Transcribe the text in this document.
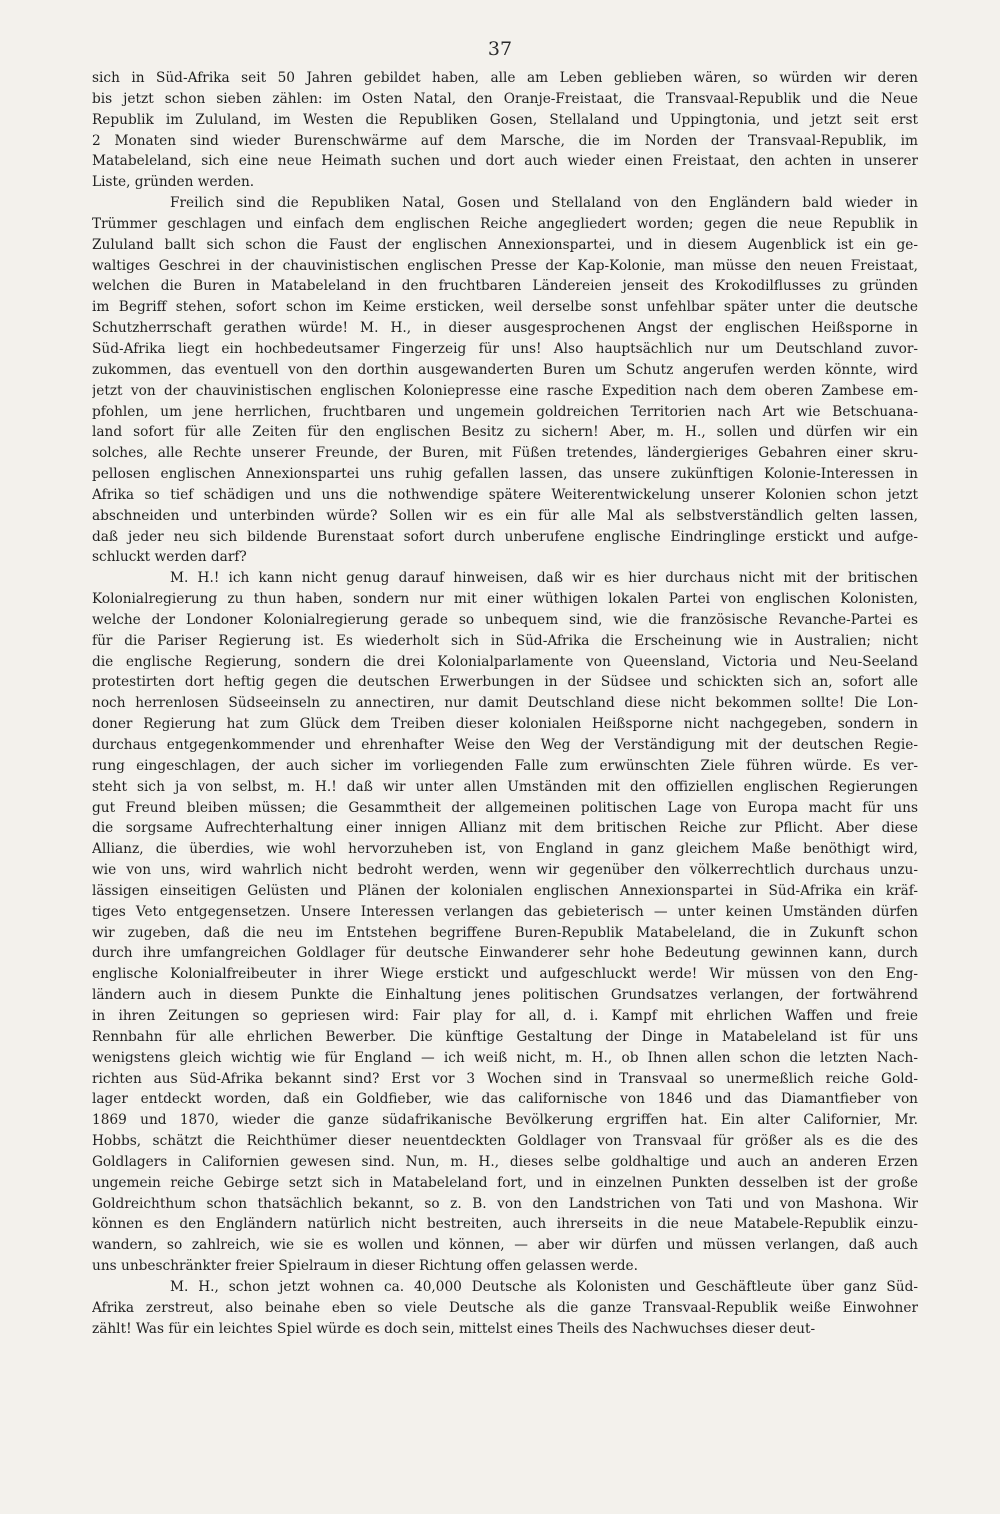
37
sich in Süd-Afrika seit 50 Jahren gebildet haben, alle am Leben geblieben wären, so würden wir deren
bis jetzt schon sieben zählen: im Osten Natal, den Oranje-Freistaat, die Transvaal-Republik und die Neue
Republik im Zululand, im Westen die Republiken Gosen, Stellaland und Uppingtonia, und jetzt seit erst
2 Monaten sind wieder Burenschwärme auf dem Marsche, die im Norden der Transvaal-Republik, im
Matabeleland, sich eine neue Heimath suchen und dort auch wieder einen Freistaat, den achten in unserer
Liste, gründen werden.
Freilich sind die Republiken Natal, Gosen und Stellaland von den Engländern bald wieder in
Trümmer geschlagen und einfach dem englischen Reiche angegliedert worden; gegen die neue Republik in
Zululand ballt sich schon die Faust der englischen Annexionspartei, und in diesem Augenblick ist ein ge-
waltiges Geschrei in der chauvinistischen englischen Presse der Kap-Kolonie, man müsse den neuen Freistaat,
welchen die Buren in Matabeleland in den fruchtbaren Ländereien jenseit des Krokodilflusses zu gründen
im Begriff stehen, sofort schon im Keime ersticken, weil derselbe sonst unfehlbar später unter die deutsche
Schutzherrschaft gerathen würde! M. H., in dieser ausgesprochenen Angst der englischen Heißsporne in
Süd-Afrika liegt ein hochbedeutsamer Fingerzeig für uns! Also hauptsächlich nur um Deutschland zuvor-
zukommen, das eventuell von den dorthin ausgewanderten Buren um Schutz angerufen werden könnte, wird
jetzt von der chauvinistischen englischen Koloniepresse eine rasche Expedition nach dem oberen Zambese em-
pfohlen, um jene herrlichen, fruchtbaren und ungemein goldreichen Territorien nach Art wie Betschuana-
land sofort für alle Zeiten für den englischen Besitz zu sichern! Aber, m. H., sollen und dürfen wir ein
solches, alle Rechte unserer Freunde, der Buren, mit Füßen tretendes, ländergieriges Gebahren einer skru-
pellosen englischen Annexionspartei uns ruhig gefallen lassen, das unsere zukünftigen Kolonie-Interessen in
Afrika so tief schädigen und uns die nothwendige spätere Weiterentwickelung unserer Kolonien schon jetzt
abschneiden und unterbinden würde? Sollen wir es ein für alle Mal als selbstverständlich gelten lassen,
daß jeder neu sich bildende Burenstaat sofort durch unberufene englische Eindringlinge erstickt und aufge-
schluckt werden darf?
M. H.! ich kann nicht genug darauf hinweisen, daß wir es hier durchaus nicht mit der britischen
Kolonialregierung zu thun haben, sondern nur mit einer wüthigen lokalen Partei von englischen Kolonisten,
welche der Londoner Kolonialregierung gerade so unbequem sind, wie die französische Revanche-Partei es
für die Pariser Regierung ist. Es wiederholt sich in Süd-Afrika die Erscheinung wie in Australien; nicht
die englische Regierung, sondern die drei Kolonialparlamente von Queensland, Victoria und Neu-Seeland
protestirten dort heftig gegen die deutschen Erwerbungen in der Südsee und schickten sich an, sofort alle
noch herrenlosen Südseeinseln zu annectiren, nur damit Deutschland diese nicht bekommen sollte! Die Lon-
doner Regierung hat zum Glück dem Treiben dieser kolonialen Heißsporne nicht nachgegeben, sondern in
durchaus entgegenkommender und ehrenhafter Weise den Weg der Verständigung mit der deutschen Regie-
rung eingeschlagen, der auch sicher im vorliegenden Falle zum erwünschten Ziele führen würde. Es ver-
steht sich ja von selbst, m. H.! daß wir unter allen Umständen mit den offiziellen englischen Regierungen
gut Freund bleiben müssen; die Gesammtheit der allgemeinen politischen Lage von Europa macht für uns
die sorgsame Aufrechterhaltung einer innigen Allianz mit dem britischen Reiche zur Pflicht. Aber diese
Allianz, die überdies, wie wohl hervorzuheben ist, von England in ganz gleichem Maße benöthigt wird,
wie von uns, wird wahrlich nicht bedroht werden, wenn wir gegenüber den völkerrechtlich durchaus unzu-
lässigen einseitigen Gelüsten und Plänen der kolonialen englischen Annexionspartei in Süd-Afrika ein kräf-
tiges Veto entgegensetzen. Unsere Interessen verlangen das gebieterisch — unter keinen Umständen dürfen
wir zugeben, daß die neu im Entstehen begriffene Buren-Republik Matabeleland, die in Zukunft schon
durch ihre umfangreichen Goldlager für deutsche Einwanderer sehr hohe Bedeutung gewinnen kann, durch
englische Kolonialfreibeuter in ihrer Wiege erstickt und aufgeschluckt werde! Wir müssen von den Eng-
ländern auch in diesem Punkte die Einhaltung jenes politischen Grundsatzes verlangen, der fortwährend
in ihren Zeitungen so gepriesen wird: Fair play for all, d. i. Kampf mit ehrlichen Waffen und freie
Rennbahn für alle ehrlichen Bewerber. Die künftige Gestaltung der Dinge in Matabeleland ist für uns
wenigstens gleich wichtig wie für England — ich weiß nicht, m. H., ob Ihnen allen schon die letzten Nach-
richten aus Süd-Afrika bekannt sind? Erst vor 3 Wochen sind in Transvaal so unermeßlich reiche Gold-
lager entdeckt worden, daß ein Goldfieber, wie das californische von 1846 und das Diamantfieber von
1869 und 1870, wieder die ganze südafrikanische Bevölkerung ergriffen hat. Ein alter Californier, Mr.
Hobbs, schätzt die Reichthümer dieser neuentdeckten Goldlager von Transvaal für größer als es die des
Goldlagers in Californien gewesen sind. Nun, m. H., dieses selbe goldhaltige und auch an anderen Erzen
ungemein reiche Gebirge setzt sich in Matabeleland fort, und in einzelnen Punkten desselben ist der große
Goldreichthum schon thatsächlich bekannt, so z. B. von den Landstrichen von Tati und von Mashona. Wir
können es den Engländern natürlich nicht bestreiten, auch ihrerseits in die neue Matabele-Republik einzu-
wandern, so zahlreich, wie sie es wollen und können, — aber wir dürfen und müssen verlangen, daß auch
uns unbeschränkter freier Spielraum in dieser Richtung offen gelassen werde.
M. H., schon jetzt wohnen ca. 40,000 Deutsche als Kolonisten und Geschäftleute über ganz Süd-
Afrika zerstreut, also beinahe eben so viele Deutsche als die ganze Transvaal-Republik weiße Einwohner
zählt! Was für ein leichtes Spiel würde es doch sein, mittelst eines Theils des Nachwuchses dieser deut-
